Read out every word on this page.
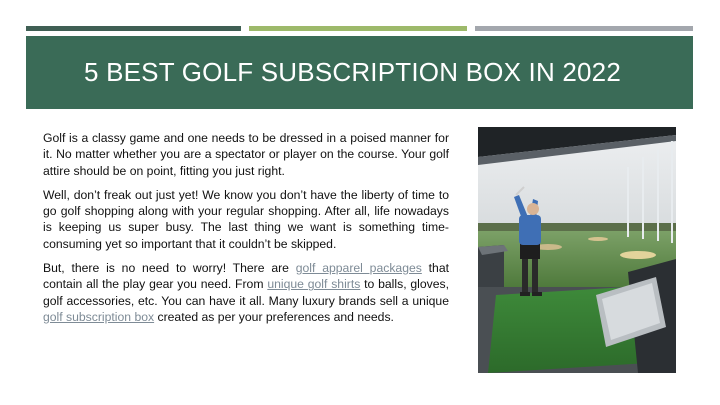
5 BEST GOLF SUBSCRIPTION BOX IN 2022

Golf is a classy game and one needs to be dressed in a poised manner for it. No matter whether you are a spectator or player on the course. Your golf attire should be on point, fitting you just right.

Well, don’t freak out just yet! We know you don’t have the liberty of time to go golf shopping along with your regular shopping. After all, life nowadays is keeping us super busy. The last thing we want is something time-consuming yet so important that it couldn’t be skipped.

But, there is no need to worry! There are golf apparel packages that contain all the play gear you need. From unique golf shirts to balls, gloves, golf accessories, etc. You can have it all. Many luxury brands sell a unique golf subscription box created as per your preferences and needs.
